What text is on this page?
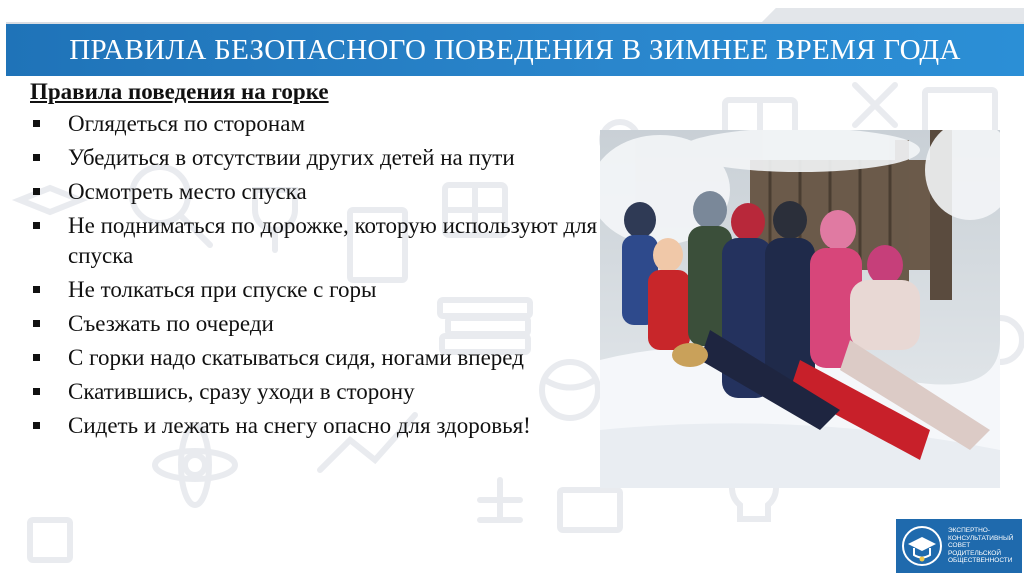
ПРАВИЛА БЕЗОПАСНОГО ПОВЕДЕНИЯ В ЗИМНЕЕ ВРЕМЯ ГОДА
Правила поведения на горке
Оглядеться по сторонам
Убедиться в отсутствии других детей на пути
Осмотреть место спуска
Не подниматься по дорожке, которую используют для спуска
Не толкаться при спуске с горы
Съезжать по очереди
С горки надо скатываться сидя, ногами вперед
Скатившись, сразу уходи в сторону
Сидеть и лежать на снегу опасно для здоровья!
ЭКСПЕРТНО-
КОНСУЛЬТАТИВНЫЙ
СОВЕТ
РОДИТЕЛЬСКОЙ
ОБЩЕСТВЕННОСТИ
